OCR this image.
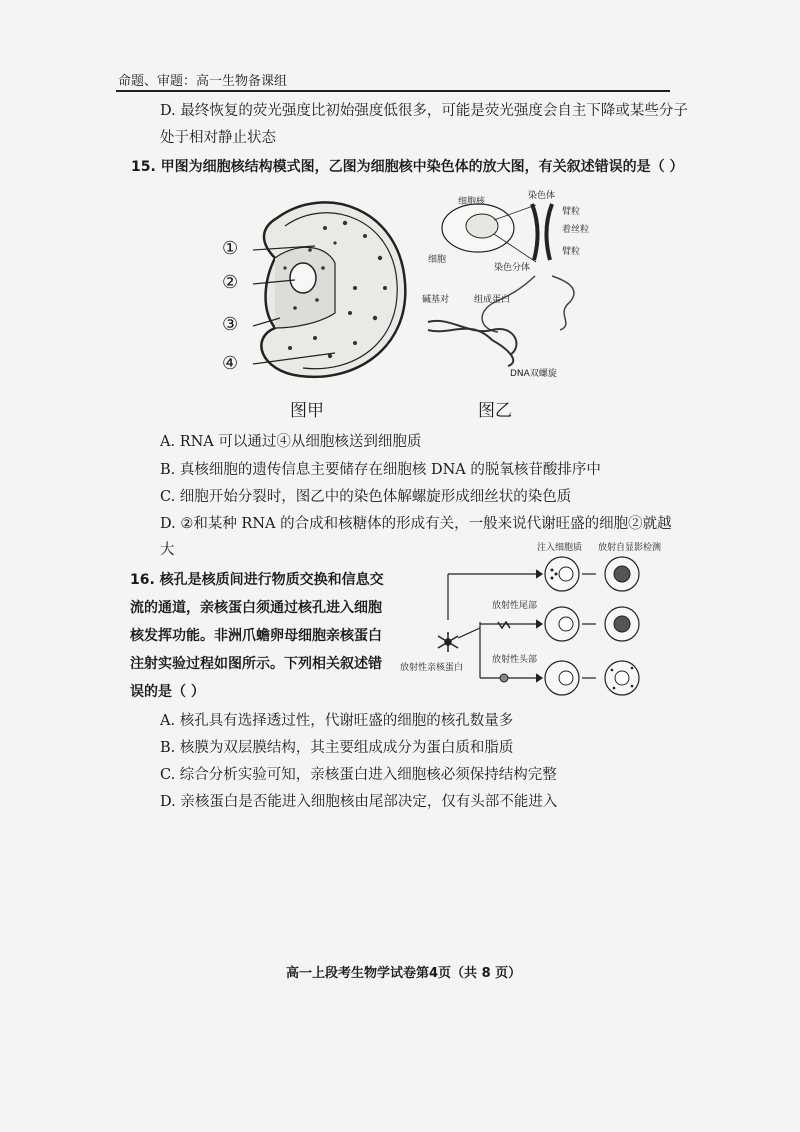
命题、审题：高一生物备课组
D. 最终恢复的荧光强度比初始强度低很多，可能是荧光强度会自主下降或某些分子
处于相对静止状态
15. 甲图为细胞核结构模式图，乙图为细胞核中染色体的放大图，有关叙述错误的是（ ）
①
②
③
④
图甲
细胞核
染色体
臂粒
着丝粒
臂粒
细胞
染色分体
碱基对	组成蛋白
DNA双螺旋
图乙
A. RNA 可以通过④从细胞核送到细胞质
B. 真核细胞的遗传信息主要储存在细胞核 DNA 的脱氧核苷酸排序中
C. 细胞开始分裂时，图乙中的染色体解螺旋形成细丝状的染色质
D. ②和某种 RNA 的合成和核糖体的形成有关，一般来说代谢旺盛的细胞②就越
大
16. 核孔是核质间进行物质交换和信息交
流的通道，亲核蛋白须通过核孔进入细胞
核发挥功能。非洲爪蟾卵母细胞亲核蛋白
注射实验过程如图所示。下列相关叙述错
误的是（ ）
注入细胞质 放射自显影检测
放射性亲核蛋白
放射性尾部
放射性头部
A. 核孔具有选择透过性，代谢旺盛的细胞的核孔数量多
B. 核膜为双层膜结构，其主要组成成分为蛋白质和脂质
C. 综合分析实验可知，亲核蛋白进入细胞核必须保持结构完整
D. 亲核蛋白是否能进入细胞核由尾部决定，仅有头部不能进入
高一上段考生物学试卷第4页（共 8 页）
